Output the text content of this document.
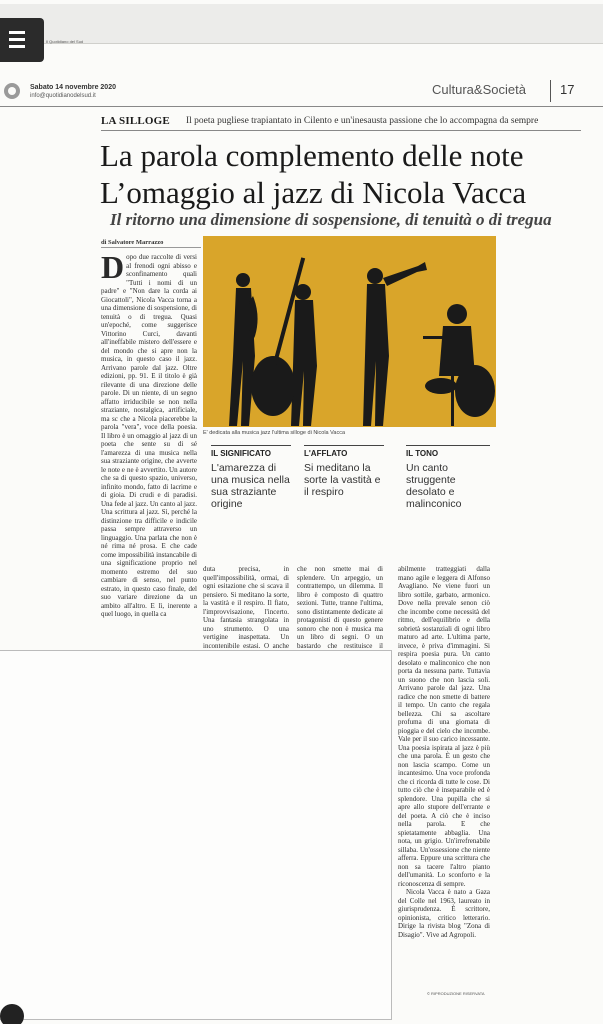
Il Quotidiano del Sud
Sabato 14 novembre 2020
info@quotidianodelsud.it	Cultura&Società	17
LA SILLOGE Il poeta pugliese trapiantato in Cilento e un'inesausta passione che lo accompagna da sempre
La parola complemento delle note
L’omaggio al jazz di Nicola Vacca
Il ritorno una dimensione di sospensione, di tenuità o di tregua
di Salvatore Marrazzo
Dopo due raccolte di versi al frenodi ogni abisso e sconfinamento quali "Tutti i nomi di un padre" e "Non dare la corda ai Giocattoli", Nicola Vacca torna a una dimensione di sospensione, di tenuità o di tregua. Quasi un'epoché, come suggerisce Vittorino Curci, davanti all'ineffabile mistero dell'essere e del mondo che si apre non la musica, in questo caso il jazz. Arrivano parole dal jazz. Oltre edizioni, pp. 91. E il titolo è già rilevante di una direzione delle parole. Di un niente, di un segno affatto irriducibile se non nella straziante, nostalgica, artificiale, ma sc che a Nicola piacerebbe la parola "vera", voce della poesia. Il libro è un omaggio al jazz di un poeta che sente su di sé l'amarezza di una musica nella sua straziante origine, che avverte le note e ne è avvertito. Un autore che sa di questo spazio, universo, infinito mondo, fatto di lacrime e di gioia. Di crudi e di paradisi. Una fede al jazz. Un canto al jazz. Una scrittura al jazz. Sì, perché la distinzione tra difficile e indicile passa sempre attraverso un linguaggio. Una parlata che non è né rima né prosa. E che cade come impossibilità instancabile di una significazione proprio nel momento estremo del suo cambiare di senso, nel punto estrato, in questo caso finale, del suo variare direzione da un ambito all'altro. E lì, inerente a quel luogo, in quella ca
E' dedicata alla musica jazz l'ultima silloge di Nicola Vacca
IL SIGNIFICATO
L'amarezza di una musica nella sua straziante origine
L'AFFLATO
Si meditano la sorte la vastità e il respiro
IL TONO
Un canto struggente desolato e malinconico
duta precisa, in quell'impossibilità, ormai, di ogni esitazione che si scava il pensiero. Si meditano la sorte, la vastità e il respiro. Il fiato, l'improvvisazione, l'incerto. Una fantasia strangolata in uno strumento. O una vertigine inaspettata. Un incontenibile estasi. O anche
che non smette mai di splendere. Un arpeggio, un contrattempo, un dilemma. Il libro è composto di quattro sezioni. Tutte, tranne l'ultima, sono distintamente dedicate ai protagonisti di questo genere sonoro che non è musica ma un libro di segni. O un bastardo che restituisce il
abilmente tratteggiati dalla mano agile e leggera di Alfonso Avagliano. Ne viene fuori un libro sottile, garbato, armonico. Dove nella prevale senon ciò che incombe come necessità del ritmo, dell'equilibrio e della sobrietà sostanziali di ogni libro maturo ad arte. L'ultima parte, invece, è priva d'immagini. Si respira poesia pura. Un canto desolato e malinconico che non porta da nessuna parte. Tuttavia un suono che non lascia soli. Arrivano parole dal jazz. Una radice che non smette di battere il tempo. Un canto che regala bellezza. Chi sa ascoltare profuma di una giornata di pioggia e del cielo che incombe. Vale per il suo carico incessante. Una poesia ispirata al jazz è più che una parola. È un gesto che non lascia scampo. Come un incantesimo. Una voce profonda che ci ricorda di tutte le cose. Di tutto ciò che è inseparabile ed è splendore. Una pupilla che si apre allo stupore dell'errante e del poeta. A ciò che è inciso nella parola. E che spietatamente abbaglia. Una nota, un grigio. Un'irrefrenabile sillaba. Un'ossessione che niente afferra. Eppure una scrittura che non sa tacere l'altro pianto dell'umanità. Lo sconforto e la riconoscenza di sempre.
Nicola Vacca è nato a Gaza del Colle nel 1963, laureato in giurisprudenza. È scrittore, opinionista, critico letterario. Dirige la rivista blog "Zona di Disagio". Vive ad Agropoli.
© RIPRODUZIONE RISERVATA
